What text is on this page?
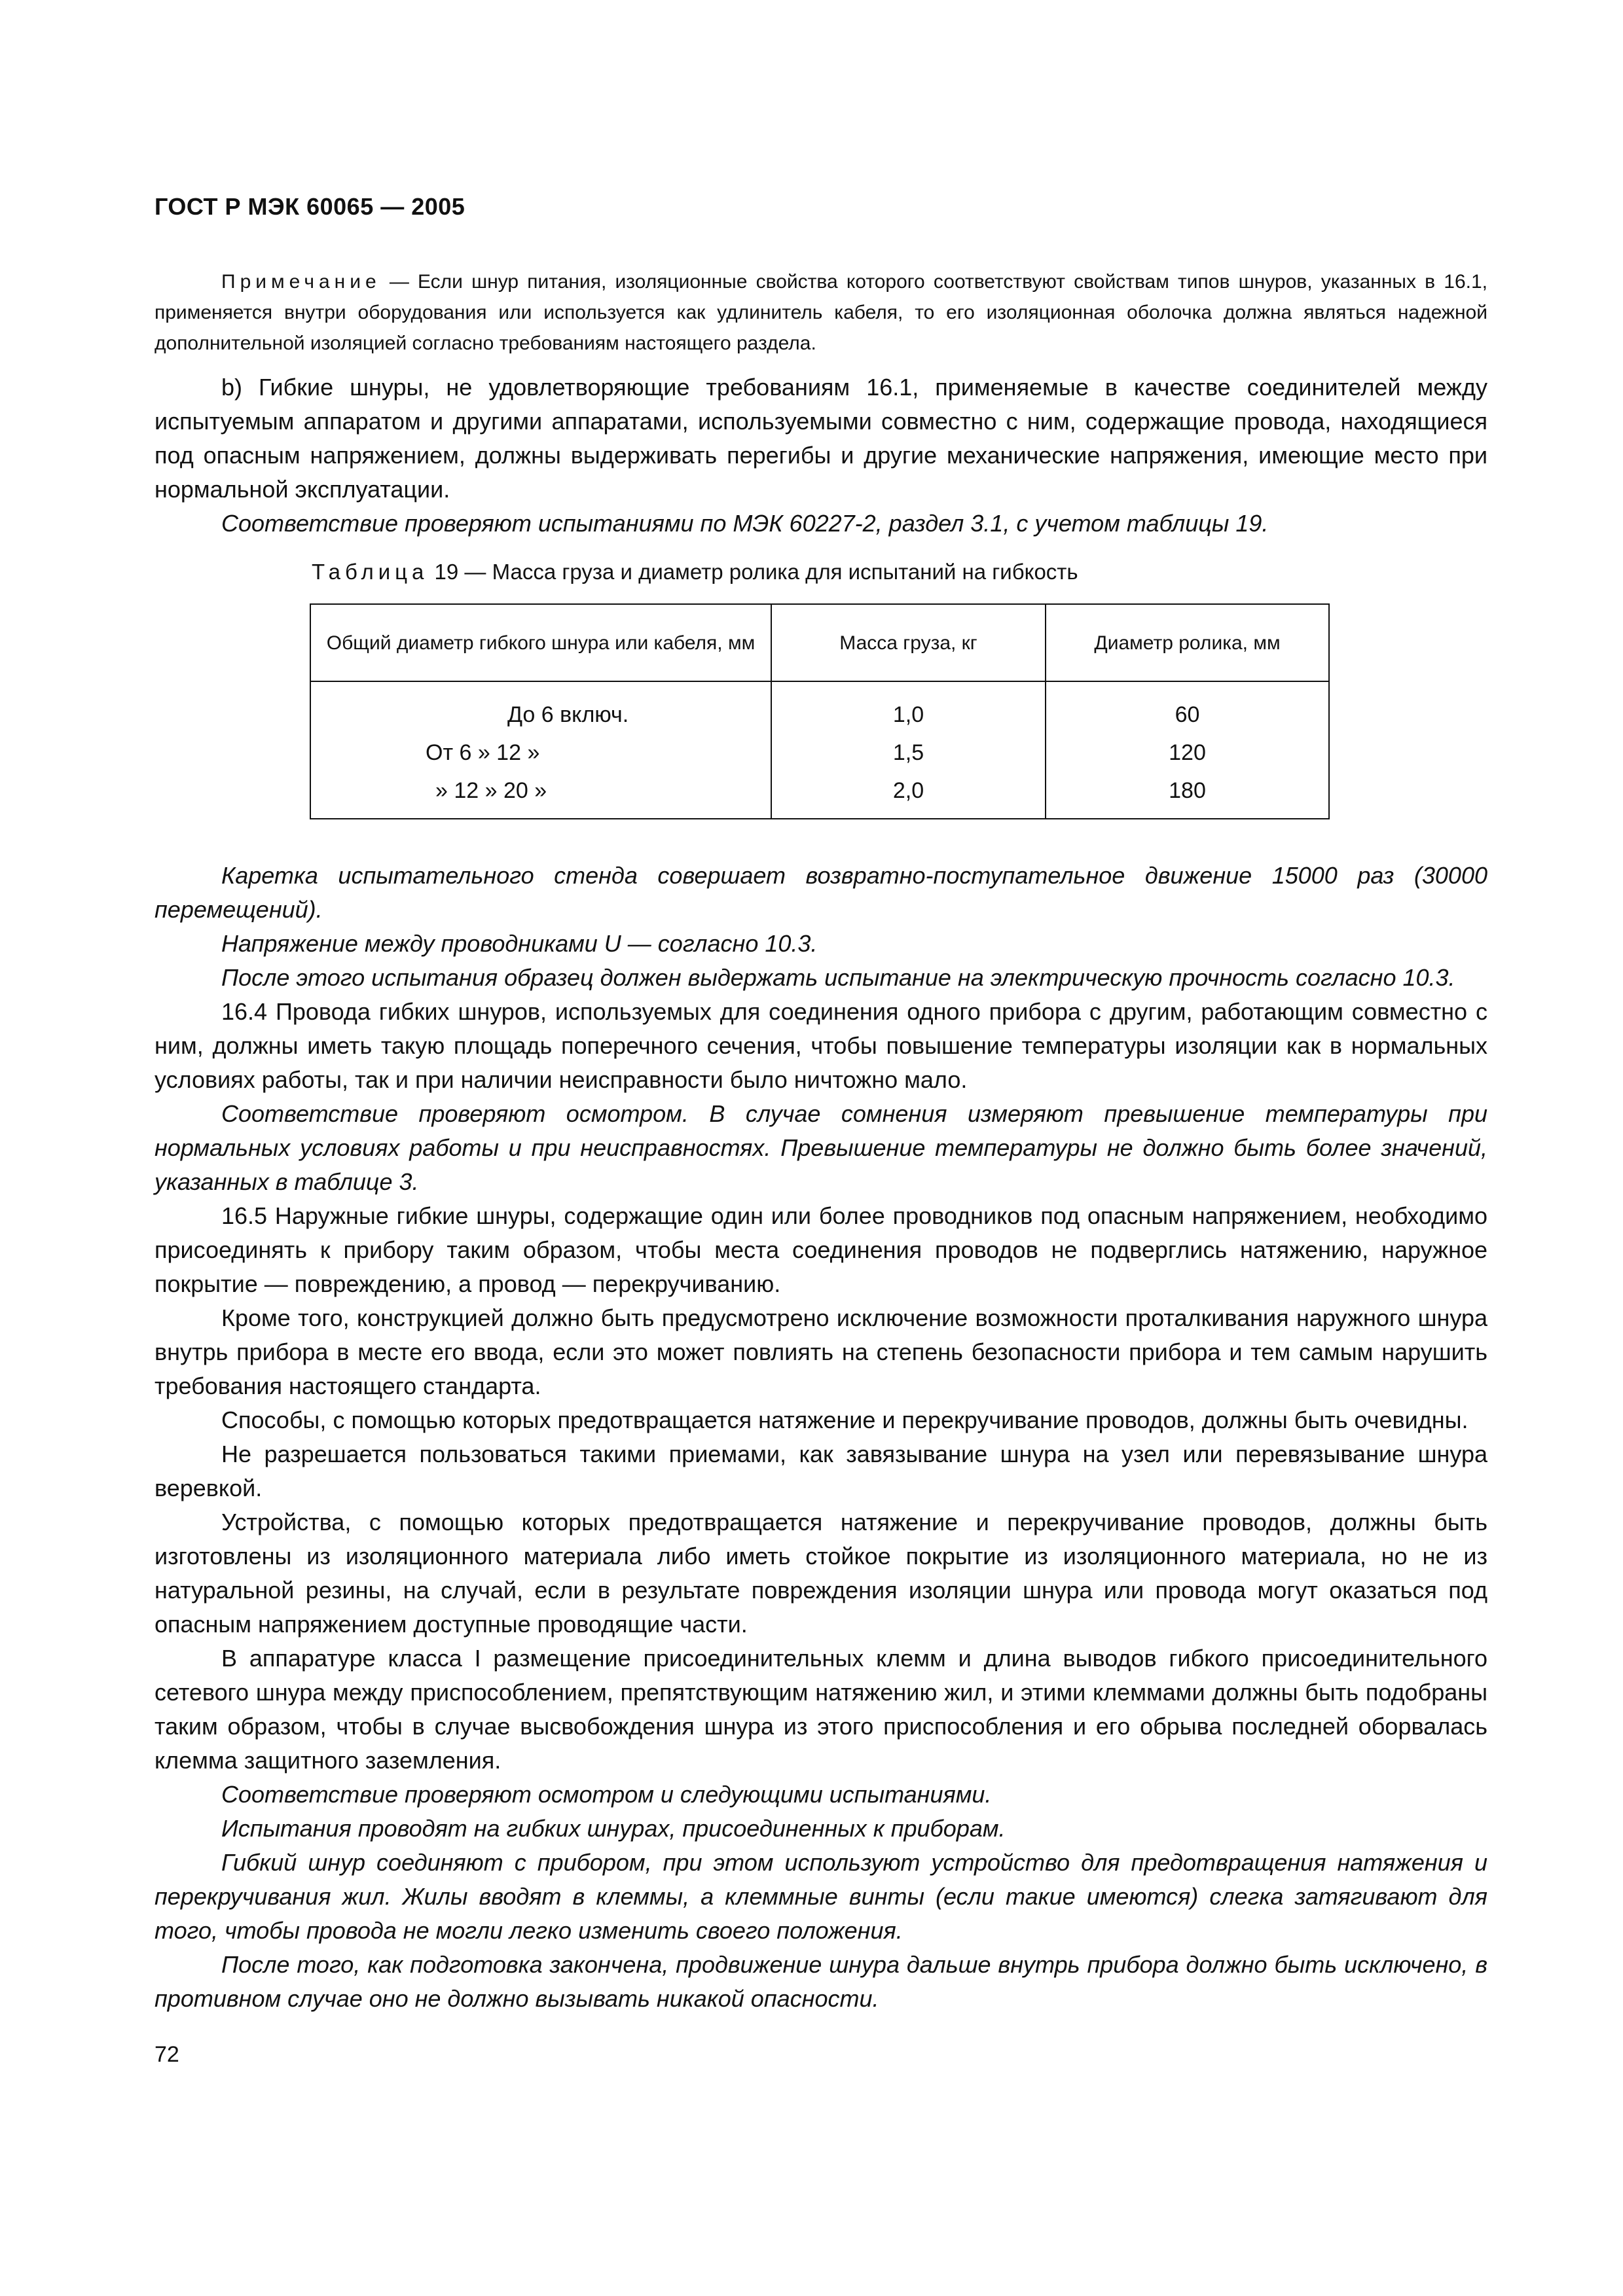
ГОСТ Р МЭК 60065 — 2005
Примечание — Если шнур питания, изоляционные свойства которого соответствуют свойствам типов шнуров, указанных в 16.1, применяется внутри оборудования или используется как удлинитель кабеля, то его изоляционная оболочка должна являться надежной дополнительной изоляцией согласно требованиям настоящего раздела.

b) Гибкие шнуры, не удовлетворяющие требованиям 16.1, применяемые в качестве соединителей между испытуемым аппаратом и другими аппаратами, используемыми совместно с ним, содержащие провода, находящиеся под опасным напряжением, должны выдерживать перегибы и другие механические напряжения, имеющие место при нормальной эксплуатации.

Соответствие проверяют испытаниями по МЭК 60227-2, раздел 3.1, с учетом таблицы 19.

Таблица 19 — Масса груза и диаметр ролика для испытаний на гибкость
Общий диаметр гибкого шнура или кабеля, мм	Масса груза, кг	Диаметр ролика, мм
До 6 включ.	1,0	60
От 6 » 12 »	1,5	120
» 12 » 20 »	2,0	180

Каретка испытательного стенда совершает возвратно-поступательное движение 15000 раз (30000 перемещений).

Напряжение между проводниками U — согласно 10.3.

После этого испытания образец должен выдержать испытание на электрическую прочность согласно 10.3.

16.4 Провода гибких шнуров, используемых для соединения одного прибора с другим, работающим совместно с ним, должны иметь такую площадь поперечного сечения, чтобы повышение температуры изоляции как в нормальных условиях работы, так и при наличии неисправности было ничтожно мало.

Соответствие проверяют осмотром. В случае сомнения измеряют превышение температуры при нормальных условиях работы и при неисправностях. Превышение температуры не должно быть более значений, указанных в таблице 3.

16.5 Наружные гибкие шнуры, содержащие один или более проводников под опасным напряжением, необходимо присоединять к прибору таким образом, чтобы места соединения проводов не подверглись натяжению, наружное покрытие — повреждению, а провод — перекручиванию.

Кроме того, конструкцией должно быть предусмотрено исключение возможности проталкивания наружного шнура внутрь прибора в месте его ввода, если это может повлиять на степень безопасности прибора и тем самым нарушить требования настоящего стандарта.

Способы, с помощью которых предотвращается натяжение и перекручивание проводов, должны быть очевидны.

Не разрешается пользоваться такими приемами, как завязывание шнура на узел или перевязывание шнура веревкой.

Устройства, с помощью которых предотвращается натяжение и перекручивание проводов, должны быть изготовлены из изоляционного материала либо иметь стойкое покрытие из изоляционного материала, но не из натуральной резины, на случай, если в результате повреждения изоляции шнура или провода могут оказаться под опасным напряжением доступные проводящие части.

В аппаратуре класса I размещение присоединительных клемм и длина выводов гибкого присоединительного сетевого шнура между приспособлением, препятствующим натяжению жил, и этими клеммами должны быть подобраны таким образом, чтобы в случае высвобождения шнура из этого приспособления и его обрыва последней оборвалась клемма защитного заземления.

Соответствие проверяют осмотром и следующими испытаниями.

Испытания проводят на гибких шнурах, присоединенных к приборам.

Гибкий шнур соединяют с прибором, при этом используют устройство для предотвращения натяжения и перекручивания жил. Жилы вводят в клеммы, а клеммные винты (если такие имеются) слегка затягивают для того, чтобы провода не могли легко изменить своего положения.

После того, как подготовка закончена, продвижение шнура дальше внутрь прибора должно быть исключено, в противном случае оно не должно вызывать никакой опасности.

72
